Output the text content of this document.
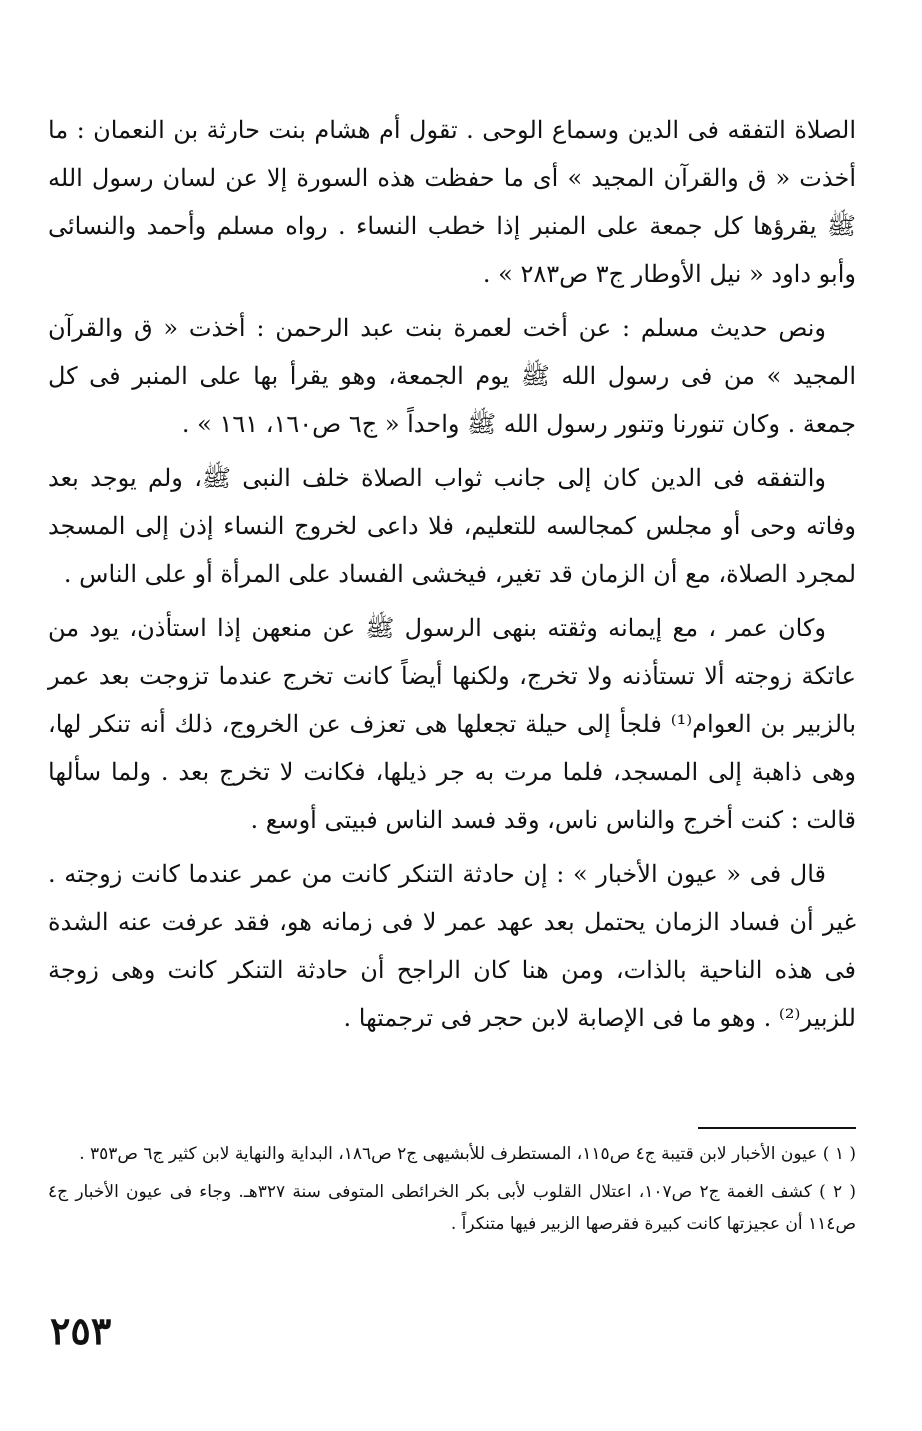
الصلاة التفقه فى الدين وسماع الوحى . تقول أم هشام بنت حارثة بن النعمان : ما أخذت « ق والقرآن المجيد » أى ما حفظت هذه السورة إلا عن لسان رسول الله ﷺ يقرؤها كل جمعة على المنبر إذا خطب النساء . رواه مسلم وأحمد والنسائى وأبو داود « نيل الأوطار ج٣ ص٢٨٣ » .

ونص حديث مسلم : عن أخت لعمرة بنت عبد الرحمن : أخذت « ق والقرآن المجيد » من فى رسول الله ﷺ يوم الجمعة، وهو يقرأ بها على المنبر فى كل جمعة . وكان تنورنا وتنور رسول الله ﷺ واحداً « ج٦ ص١٦٠، ١٦١ » .

والتفقه فى الدين كان إلى جانب ثواب الصلاة خلف النبى ﷺ، ولم يوجد بعد وفاته وحى أو مجلس كمجالسه للتعليم، فلا داعى لخروج النساء إذن إلى المسجد لمجرد الصلاة، مع أن الزمان قد تغير، فيخشى الفساد على المرأة أو على الناس .

وكان عمر ، مع إيمانه وثقته بنهى الرسول ﷺ عن منعهن إذا استأذن، يود من عاتكة زوجته ألا تستأذنه ولا تخرج، ولكنها أيضاً كانت تخرج عندما تزوجت بعد عمر بالزبير بن العوام⁽¹⁾ فلجأ إلى حيلة تجعلها هى تعزف عن الخروج، ذلك أنه تنكر لها، وهى ذاهبة إلى المسجد، فلما مرت به جر ذيلها، فكانت لا تخرج بعد . ولما سألها قالت : كنت أخرج والناس ناس، وقد فسد الناس فبيتى أوسع .

قال فى « عيون الأخبار » : إن حادثة التنكر كانت من عمر عندما كانت زوجته . غير أن فساد الزمان يحتمل بعد عهد عمر لا فى زمانه هو، فقد عرفت عنه الشدة فى هذه الناحية بالذات، ومن هنا كان الراجح أن حادثة التنكر كانت وهى زوجة للزبير⁽²⁾ . وهو ما فى الإصابة لابن حجر فى ترجمتها .

( ١ ) عيون الأخبار لابن قتيبة ج٤ ص١١٥، المستطرف للأبشيهى ج٢ ص١٨٦، البداية والنهاية لابن كثير ج٦ ص٣٥٣ .

( ٢ ) كشف الغمة ج٢ ص١٠٧، اعتلال القلوب لأبى بكر الخرائطى المتوفى سنة ٣٢٧هـ. وجاء فى عيون الأخبار ج٤ ص١١٤ أن عجيزتها كانت كبيرة فقرصها الزبير فيها متنكراً .

٢٥٣
